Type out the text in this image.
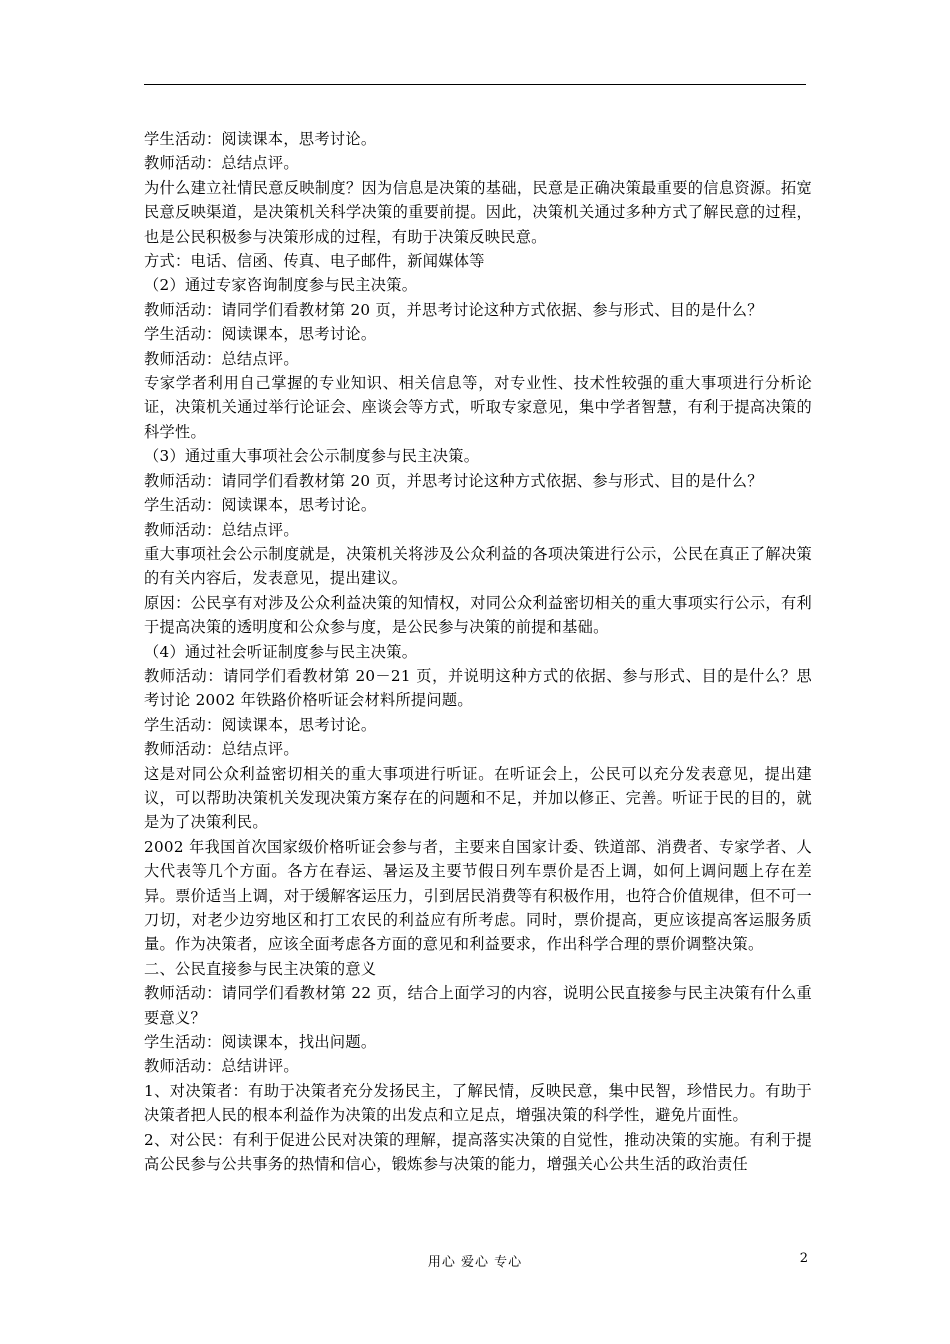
学生活动：阅读课本，思考讨论。

教师活动：总结点评。

为什么建立社情民意反映制度？因为信息是决策的基础，民意是正确决策最重要的信息资源。拓宽民意反映渠道，是决策机关科学决策的重要前提。因此，决策机关通过多种方式了解民意的过程，也是公民积极参与决策形成的过程，有助于决策反映民意。

方式：电话、信函、传真、电子邮件，新闻媒体等

（2）通过专家咨询制度参与民主决策。

教师活动：请同学们看教材第 20 页，并思考讨论这种方式依据、参与形式、目的是什么？

学生活动：阅读课本，思考讨论。

教师活动：总结点评。

专家学者利用自己掌握的专业知识、相关信息等，对专业性、技术性较强的重大事项进行分析论证，决策机关通过举行论证会、座谈会等方式，听取专家意见，集中学者智慧，有利于提高决策的科学性。

（3）通过重大事项社会公示制度参与民主决策。

教师活动：请同学们看教材第 20 页，并思考讨论这种方式依据、参与形式、目的是什么？

学生活动：阅读课本，思考讨论。

教师活动：总结点评。

重大事项社会公示制度就是，决策机关将涉及公众利益的各项决策进行公示，公民在真正了解决策的有关内容后，发表意见，提出建议。

原因：公民享有对涉及公众利益决策的知情权，对同公众利益密切相关的重大事项实行公示，有利于提高决策的透明度和公众参与度，是公民参与决策的前提和基础。

（4）通过社会听证制度参与民主决策。

教师活动：请同学们看教材第 20－21 页，并说明这种方式的依据、参与形式、目的是什么？思考讨论 2002 年铁路价格听证会材料所提问题。

学生活动：阅读课本，思考讨论。

教师活动：总结点评。

这是对同公众利益密切相关的重大事项进行听证。在听证会上，公民可以充分发表意见，提出建议，可以帮助决策机关发现决策方案存在的问题和不足，并加以修正、完善。听证于民的目的，就是为了决策利民。

2002 年我国首次国家级价格听证会参与者，主要来自国家计委、铁道部、消费者、专家学者、人大代表等几个方面。各方在春运、暑运及主要节假日列车票价是否上调，如何上调问题上存在差异。票价适当上调，对于缓解客运压力，引到居民消费等有积极作用，也符合价值规律，但不可一刀切，对老少边穷地区和打工农民的利益应有所考虑。同时，票价提高，更应该提高客运服务质量。作为决策者，应该全面考虑各方面的意见和利益要求，作出科学合理的票价调整决策。

二、公民直接参与民主决策的意义

教师活动：请同学们看教材第 22 页，结合上面学习的内容，说明公民直接参与民主决策有什么重要意义？

学生活动：阅读课本，找出问题。

教师活动：总结讲评。

1、对决策者：有助于决策者充分发扬民主，了解民情，反映民意，集中民智，珍惜民力。有助于决策者把人民的根本利益作为决策的出发点和立足点，增强决策的科学性，避免片面性。

2、对公民：有利于促进公民对决策的理解，提高落实决策的自觉性，推动决策的实施。有利于提高公民参与公共事务的热情和信心，锻炼参与决策的能力，增强关心公共生活的政治责任

用心 爱心 专心	2
